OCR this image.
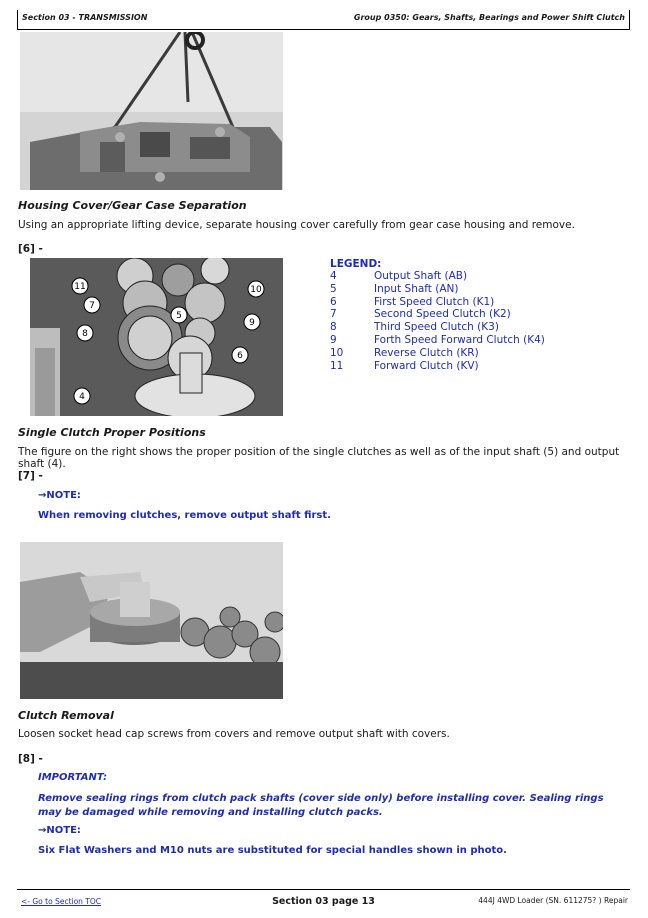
Section 03 - TRANSMISSION	Group 0350: Gears, Shafts, Bearings and Power Shift Clutch
Housing Cover/Gear Case Separation
Using an appropriate lifting device, separate housing cover carefully from gear case housing and remove.
[6] -
11	10
7
5
9
8
6
4
LEGEND:
4	Output Shaft (AB)
5	Input Shaft (AN)
6	First Speed Clutch (K1)
7	Second Speed Clutch (K2)
8	Third Speed Clutch (K3)
9	Forth Speed Forward Clutch (K4)
10	Reverse Clutch (KR)
11	Forward Clutch (KV)
Single Clutch Proper Positions
The figure on the right shows the proper position of the single clutches as well as of the input shaft (5) and output shaft (4).
[7] -
→NOTE:
When removing clutches, remove output shaft first.
Clutch Removal
Loosen socket head cap screws from covers and remove output shaft with covers.
[8] -
IMPORTANT:
Remove sealing rings from clutch pack shafts (cover side only) before installing cover. Sealing rings may be damaged while removing and installing clutch packs.
→NOTE:
Six Flat Washers and M10 nuts are substituted for special handles shown in photo.
<- Go to Section TOC	Section 03 page 13	444J 4WD Loader (SN. 611275? ) Repair
